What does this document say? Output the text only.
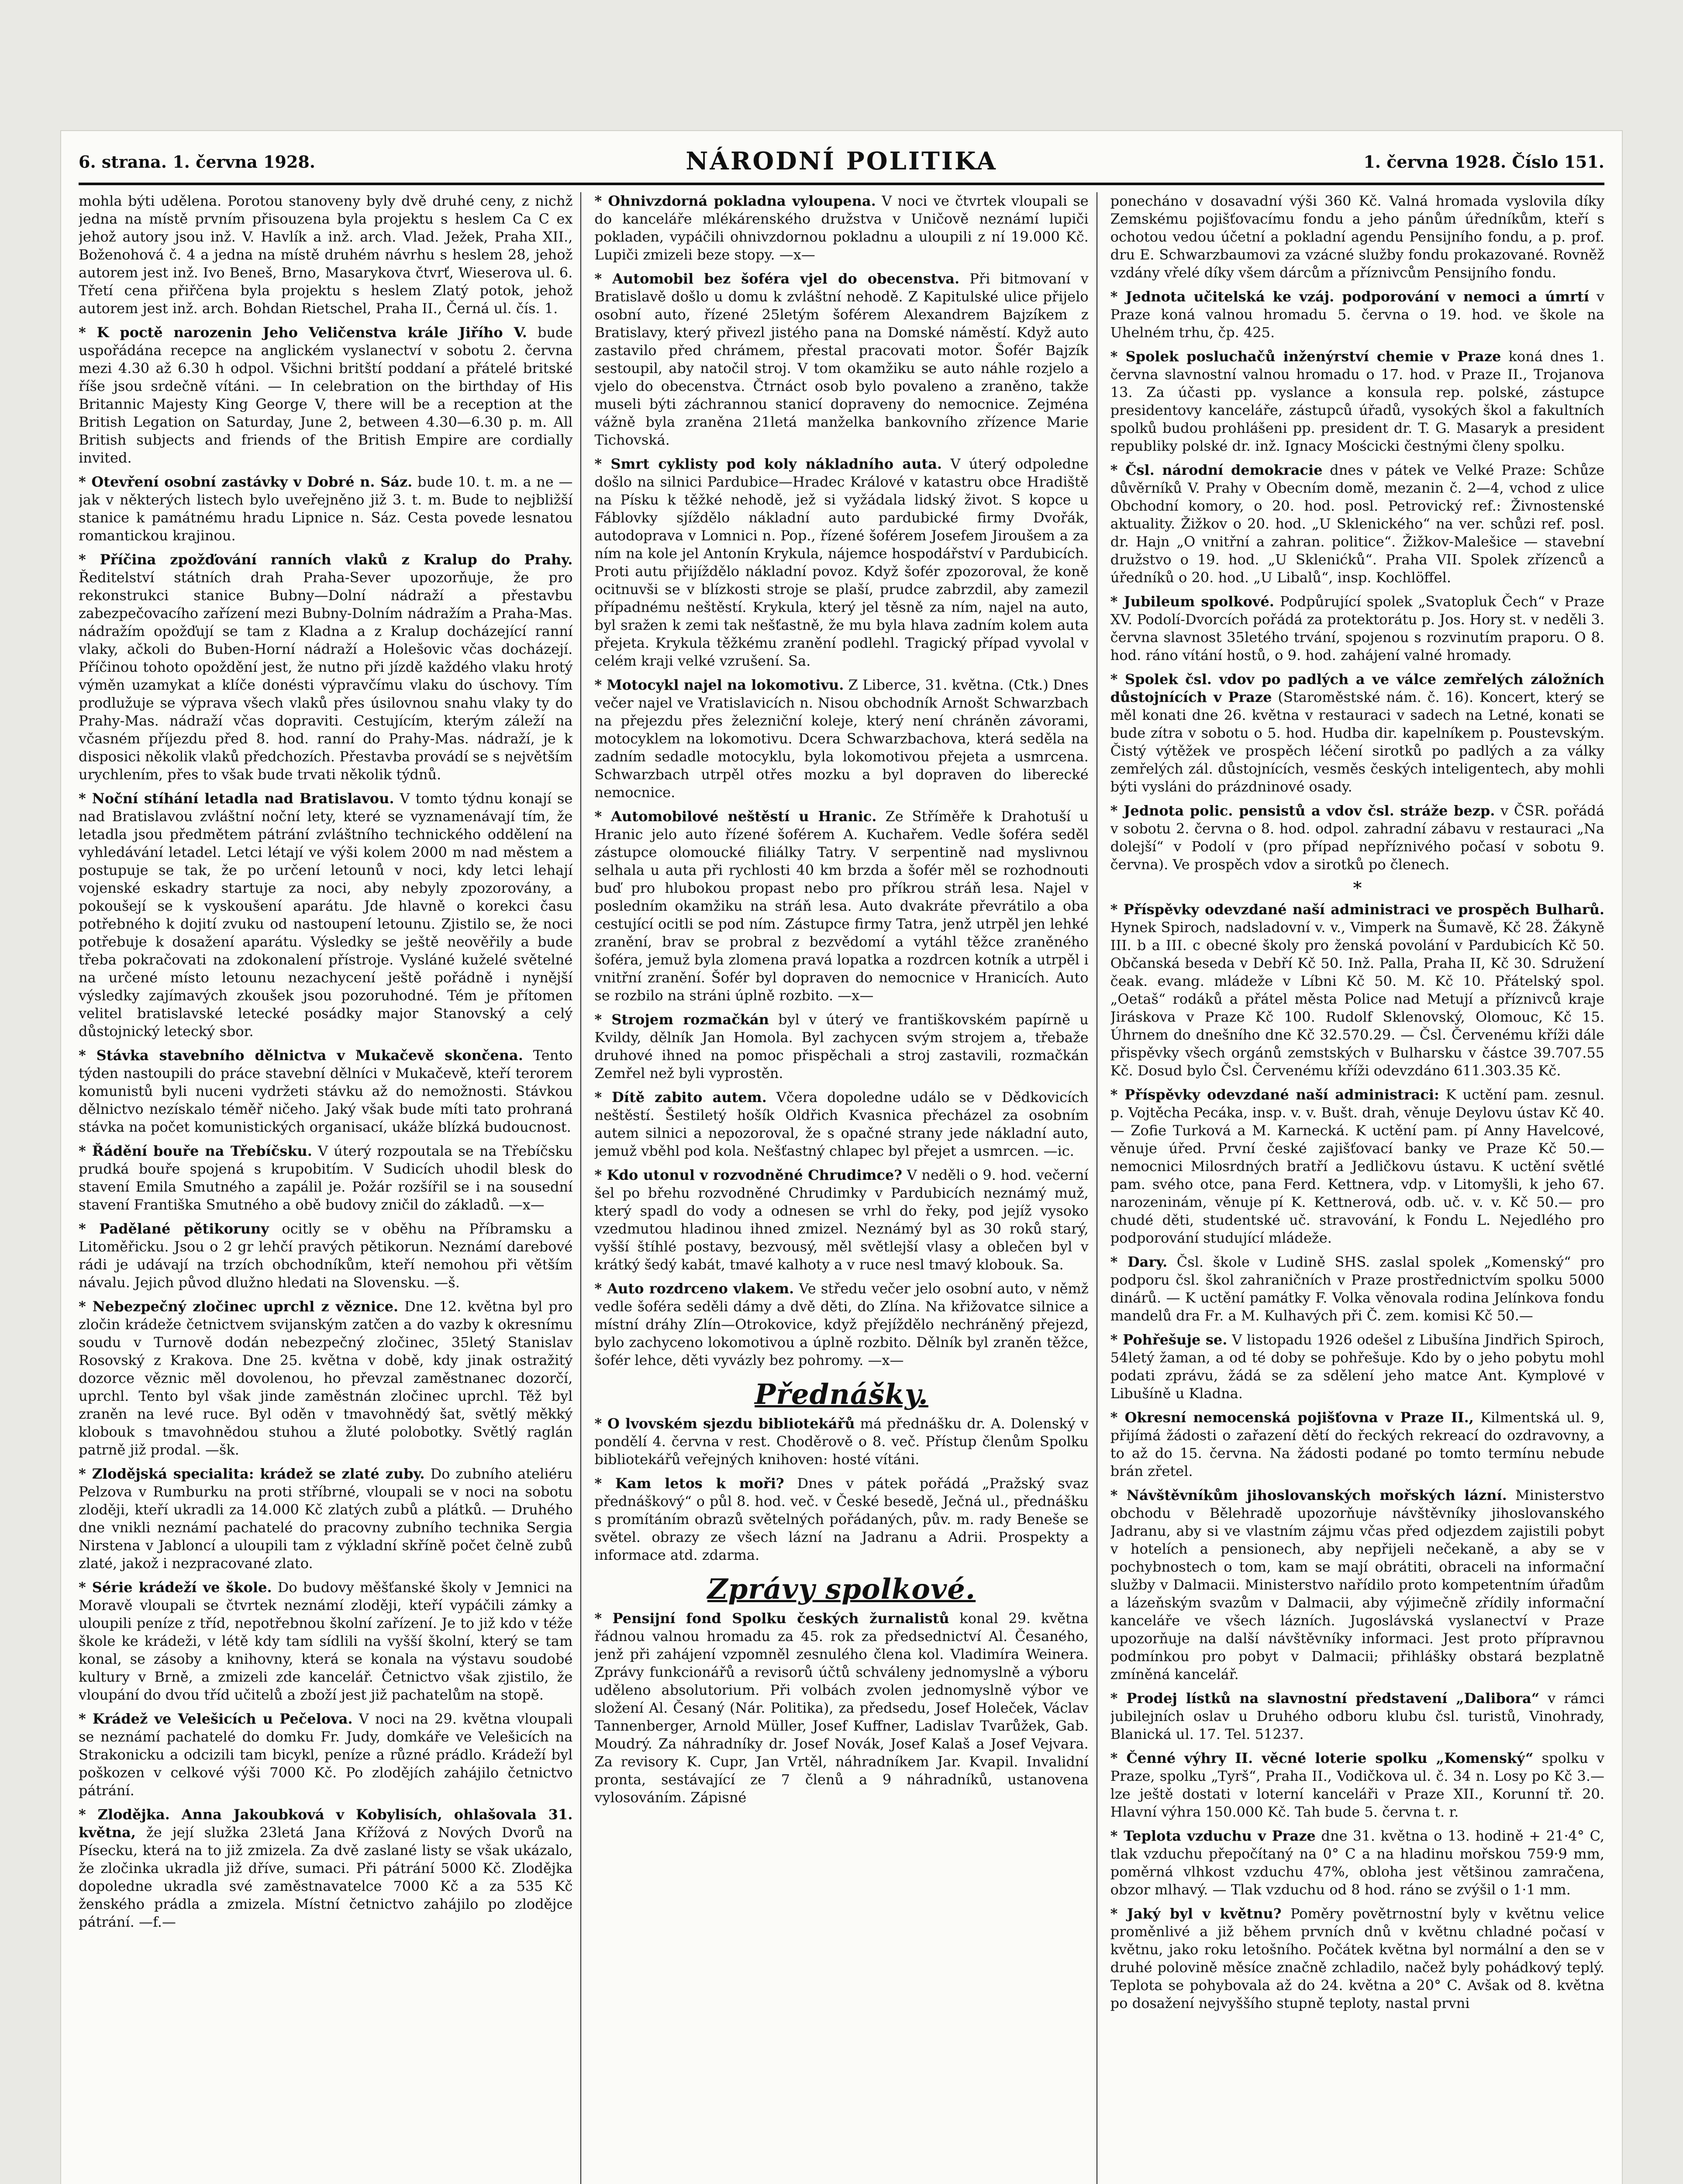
6. strana. 1. června 1928.	NÁRODNÍ POLITIKA	1. června 1928. Číslo 151.

mohla býti udělena. Porotou stanoveny byly dvě druhé ceny, z nichž jedna na místě prvním přisouzena byla projektu s heslem Ca C ex jehož autory jsou inž. V. Havlík a inž. arch. Vlad. Ježek, Praha XII., Boženohová č. 4 a jedna na místě druhém návrhu s heslem 28, jehož autorem jest inž. Ivo Beneš, Brno, Masarykova čtvrť, Wieserova ul. 6. Třetí cena přiřčena byla projektu s heslem Zlatý potok, jehož autorem jest inž. arch. Bohdan Rietschel, Praha II., Černá ul. čís. 1.

* K poctě narozenin Jeho Veličenstva krále Jiřího V. bude uspořádána recepce na anglickém vyslanectví v sobotu 2. června mezi 4.30 až 6.30 h odpol. Všichni britští poddaní a přátelé britské říše jsou srdečně vítáni. — In celebration on the birthday of His Britannic Majesty King George V, there will be a reception at the British Legation on Saturday, June 2, between 4.30—6.30 p. m. All British subjects and friends of the British Empire are cordially invited.

* Otevření osobní zastávky v Dobré n. Sáz. bude 10. t. m. a ne — jak v některých listech bylo uveřejněno již 3. t. m. Bude to nejbližší stanice k památnému hradu Lipnice n. Sáz. Cesta povede lesnatou romantickou krajinou.

* Příčina zpožďování ranních vlaků z Kralup do Prahy. Ředitelství státních drah Praha-Sever upozorňuje, že pro rekonstrukci stanice Bubny—Dolní nádraží a přestavbu zabezpečovacího zařízení mezi Bubny-Dolním nádražím a Praha-Mas. nádražím opožďují se tam z Kladna a z Kralup docházející ranní vlaky, ačkoli do Buben-Horní nádraží a Holešovic včas docházejí. Příčinou tohoto opoždění jest, že nutno při jízdě každého vlaku hrotý výměn uzamykat a klíče donésti výpravčímu vlaku do úschovy. Tím prodlužuje se výprava všech vlaků přes úsilovnou snahu vlaky ty do Prahy-Mas. nádraží včas dopraviti. Cestujícím, kterým záleží na včasném příjezdu před 8. hod. ranní do Prahy-Mas. nádraží, je k disposici několik vlaků předchozích. Přestavba provádí se s největším urychlením, přes to však bude trvati několik týdnů.

* Noční stíhání letadla nad Bratislavou. V tomto týdnu konají se nad Bratislavou zvláštní noční lety, které se vyznamenávají tím, že letadla jsou předmětem pátrání zvláštního technického oddělení na vyhledávání letadel. Letci létají ve výši kolem 2000 m nad městem a postupuje se tak, že po určení letounů v noci, kdy letci lehají vojenské eskadry startuje za noci, aby nebyly zpozorovány, a pokoušejí se k vyskoušení aparátu. Jde hlavně o korekci času potřebného k dojití zvuku od nastoupení letounu. Zjistilo se, že noci potřebuje k dosažení aparátu. Výsledky se ještě neověřily a bude třeba pokračovati na zdokonalení přístroje. Vysláné kuželé světelné na určené místo letounu nezachycení ještě pořádně i nynější výsledky zajímavých zkoušek jsou pozoruhodné. Tém je přítomen velitel bratislavské letecké posádky major Stanovský a celý důstojnický letecký sbor.

* Stávka stavebního dělnictva v Mukačevě skončena. Tento týden nastoupili do práce stavební dělníci v Mukačevě, kteří terorem komunistů byli nuceni vydržeti stávku až do nemožnosti. Stávkou dělnictvo nezískalo téměř ničeho. Jaký však bude míti tato prohraná stávka na počet komunistických organisací, ukáže blízká budoucnost.

* Řádění bouře na Třebíčsku. V úterý rozpoutala se na Třebíčsku prudká bouře spojená s krupobitím. V Sudicích uhodil blesk do stavení Emila Smutného a zapálil je. Požár rozšířil se i na sousední stavení Františka Smutného a obě budovy zničil do základů. —x—

* Padělané pětikoruny ocitly se v oběhu na Příbramsku a Litoměřicku. Jsou o 2 gr lehčí pravých pětikorun. Neznámí darebové rádi je udávají na trzích obchodníkům, kteří nemohou při větším návalu. Jejich původ dlužno hledati na Slovensku. —š.

* Nebezpečný zločinec uprchl z věznice. Dne 12. května byl pro zločin krádeže četnictvem svijanským zatčen a do vazby k okresnímu soudu v Turnově dodán nebezpečný zločinec, 35letý Stanislav Rosovský z Krakova. Dne 25. května v době, kdy jinak ostražitý dozorce věznic měl dovolenou, ho převzal zaměstnanec dozorčí, uprchl. Tento byl však jinde zaměstnán zločinec uprchl. Těž byl zraněn na levé ruce. Byl oděn v tmavohnědý šat, světlý měkký klobouk s tmavohnědou stuhou a žluté polobotky. Světlý raglán patrně již prodal. —šk.

* Zlodějská specialita: krádež se zlaté zuby. Do zubního ateliéru Pelzova v Rumburku na proti stříbrné, vloupali se v noci na sobotu zloději, kteří ukradli za 14.000 Kč zlatých zubů a plátků. — Druhého dne vnikli neznámí pachatelé do pracovny zubního technika Sergia Nirstena v Jabloncí a uloupili tam z výkladní skříně počet čelně zubů zlaté, jakož i nezpracované zlato.

* Série krádeží ve škole. Do budovy měšťanské školy v Jemnici na Moravě vloupali se čtvrtek neznámí zloději, kteří vypáčili zámky a uloupili peníze z tříd, nepotřebnou školní zařízení. Je to již kdo v téže škole ke krádeži, v létě kdy tam sídlili na vyšší školní, který se tam konal, se zásoby a knihovny, která se konala na výstavu soudobé kultury v Brně, a zmizeli zde kancelář. Četnictvo však zjistilo, že vloupání do dvou tříd učitelů a zboží jest již pachatelům na stopě.

* Krádež ve Velešicích u Pečelova. V noci na 29. května vloupali se neznámí pachatelé do domku Fr. Judy, domkáře ve Velešicích na Strakonicku a odcizili tam bicykl, peníze a různé prádlo. Krádeží byl poškozen v celkové výši 7000 Kč. Po zlodějích zahájilo četnictvo pátrání.

* Zlodějka. Anna Jakoubková v Kobylisích, ohlašovala 31. května, že její služka 23letá Jana Křížová z Nových Dvorů na Písecku, která na to již zmizela. Za dvě zaslané listy se však ukázalo, že zločinka ukradla již dříve, sumaci. Při pátrání 5000 Kč. Zlodějka dopoledne ukradla své zaměstnavatelce 7000 Kč a za 535 Kč ženského prádla a zmizela. Místní četnictvo zahájilo po zlodějce pátrání. —f.—

* Ohnivzdorná pokladna vyloupena. V noci ve čtvrtek vloupali se do kanceláře mlékárenského družstva v Uničově neznámí lupiči pokladen, vypáčili ohnivzdornou pokladnu a uloupili z ní 19.000 Kč. Lupiči zmizeli beze stopy. —x—

* Automobil bez šoféra vjel do obecenstva. Při bitmovaní v Bratislavě došlo u domu k zvláštní nehodě. Z Kapitulské ulice přijelo osobní auto, řízené 25letým šoférem Alexandrem Bajzíkem z Bratislavy, který přivezl jistého pana na Domské náměstí. Když auto zastavilo před chrámem, přestal pracovati motor. Šofér Bajzík sestoupil, aby natočil stroj. V tom okamžiku se auto náhle rozjelo a vjelo do obecenstva. Čtrnáct osob bylo povaleno a zraněno, takže museli býti záchrannou stanicí dopraveny do nemocnice. Zejména vážně byla zraněna 21letá manželka bankovního zřízence Marie Tichovská.

* Smrt cyklisty pod koly nákladního auta. V úterý odpoledne došlo na silnici Pardubice—Hradec Králové v katastru obce Hradiště na Písku k těžké nehodě, jež si vyžádala lidský život. S kopce u Fáblovky sjíždělo nákladní auto pardubické firmy Dvořák, autodoprava v Lomnici n. Pop., řízené šoférem Josefem Jiroušem a za ním na kole jel Antonín Krykula, nájemce hospodářství v Pardubicích. Proti autu přijíždělo nákladní povoz. Když šofér zpozoroval, že koně ocitnuvši se v blízkosti stroje se plaší, prudce zabrzdil, aby zamezil případnému neštěstí. Krykula, který jel těsně za ním, najel na auto, byl sražen k zemi tak nešťastně, že mu byla hlava zadním kolem auta přejeta. Krykula těžkému zranění podlehl. Tragický případ vyvolal v celém kraji velké vzrušení. Sa.

* Motocykl najel na lokomotivu. Z Liberce, 31. května. (Ctk.) Dnes večer najel ve Vratislavicích n. Nisou obchodník Arnošt Schwarzbach na přejezdu přes železniční koleje, který není chráněn závorami, motocyklem na lokomotivu. Dcera Schwarzbachova, která seděla na zadním sedadle motocyklu, byla lokomotivou přejeta a usmrcena. Schwarzbach utrpěl otřes mozku a byl dopraven do liberecké nemocnice.

* Automobilové neštěstí u Hranic. Ze Stříměře k Drahotuší u Hranic jelo auto řízené šoférem A. Kuchařem. Vedle šoféra seděl zástupce olomoucké filiálky Tatry. V serpentině nad myslivnou selhala u auta při rychlosti 40 km brzda a šofér měl se rozhodnouti buď pro hlubokou propast nebo pro příkrou stráň lesa. Najel v posledním okamžiku na stráň lesa. Auto dvakráte převrátilo a oba cestující ocitli se pod ním. Zástupce firmy Tatra, jenž utrpěl jen lehké zranění, brav se probral z bezvědomí a vytáhl těžce zraněného šoféra, jemuž byla zlomena pravá lopatka a rozdrcen kotník a utrpěl i vnitřní zranění. Šofér byl dopraven do nemocnice v Hranicích. Auto se rozbilo na stráni úplně rozbito. —x—

* Strojem rozmačkán byl v úterý ve františkovském papírně u Kvildy, dělník Jan Homola. Byl zachycen svým strojem a, třebaže druhové ihned na pomoc přispěchali a stroj zastavili, rozmačkán Zemřel než byli vyprostěn.

* Dítě zabito autem. Včera dopoledne událo se v Dědkovicích neštěstí. Šestiletý hošík Oldřich Kvasnica přecházel za osobním autem silnici a nepozoroval, že s opačné strany jede nákladní auto, jemuž vběhl pod kola. Nešťastný chlapec byl přejet a usmrcen. —ic.

* Kdo utonul v rozvodněné Chrudimce? V neděli o 9. hod. večerní šel po břehu rozvodněné Chrudimky v Pardubicích neznámý muž, který spadl do vody a odnesen se vrhl do řeky, pod jejíž vysoko vzedmutou hladinou ihned zmizel. Neznámý byl as 30 roků starý, vyšší štíhlé postavy, bezvousý, měl světlejší vlasy a oblečen byl v krátký šedý kabát, tmavé kalhoty a v ruce nesl tmavý klobouk. Sa.

* Auto rozdrceno vlakem. Ve středu večer jelo osobní auto, v němž vedle šoféra seděli dámy a dvě děti, do Zlína. Na křižovatce silnice a místní dráhy Zlín—Otrokovice, když přejíždělo nechráněný přejezd, bylo zachyceno lokomotivou a úplně rozbito. Dělník byl zraněn těžce, šofér lehce, děti vyvázly bez pohromy. —x—

Přednášky.

* O lvovském sjezdu bibliotekářů má přednášku dr. A. Dolenský v pondělí 4. června v rest. Choděrově o 8. več. Přístup členům Spolku bibliotekářů veřejných knihoven: hosté vítáni.

* Kam letos k moři? Dnes v pátek pořádá „Pražský svaz přednáškový“ o půl 8. hod. več. v České besedě, Ječná ul., přednášku s promítáním obrazů světelných pořádaných, pův. m. rady Beneše se světel. obrazy ze všech lázní na Jadranu a Adrii. Prospekty a informace atd. zdarma.

Zprávy spolkové.

* Pensijní fond Spolku českých žurnalistů konal 29. května řádnou valnou hromadu za 45. rok za předsednictví Al. Česaného, jenž při zahájení vzpomněl zesnulého člena kol. Vladimíra Weinera. Zprávy funkcionářů a revisorů účtů schváleny jednomyslně a výboru uděleno absolutorium. Při volbách zvolen jednomyslně výbor ve složení Al. Česaný (Nár. Politika), za předsedu, Josef Holeček, Václav Tannenberger, Arnold Müller, Josef Kuffner, Ladislav Tvarůžek, Gab. Moudrý. Za náhradníky dr. Josef Novák, Josef Kalaš a Josef Vejvara. Za revisory K. Cupr, Jan Vrtěl, náhradníkem Jar. Kvapil. Invalidní pronta, sestávající ze 7 členů a 9 náhradníků, ustanovena vylosováním. Zápisné

ponecháno v dosavadní výši 360 Kč. Valná hromada vyslovila díky Zemskému pojišťovacímu fondu a jeho pánům úředníkům, kteří s ochotou vedou účetní a pokladní agendu Pensijního fondu, a p. prof. dru E. Schwarzbaumovi za vzácné služby fondu prokazované. Rovněž vzdány vřelé díky všem dárcům a příznivcům Pensijního fondu.

* Jednota učitelská ke vzáj. podporování v nemoci a úmrtí v Praze koná valnou hromadu 5. června o 19. hod. ve škole na Uhelném trhu, čp. 425.

* Spolek posluchačů inženýrství chemie v Praze koná dnes 1. června slavnostní valnou hromadu o 17. hod. v Praze II., Trojanova 13. Za účasti pp. vyslance a konsula rep. polské, zástupce presidentovy kanceláře, zástupců úřadů, vysokých škol a fakultních spolků budou prohlášeni pp. president dr. T. G. Masaryk a president republiky polské dr. inž. Ignacy Mościcki čestnými členy spolku.

* Čsl. národní demokracie dnes v pátek ve Velké Praze: Schůze důvěrníků V. Prahy v Obecním domě, mezanin č. 2—4, vchod z ulice Obchodní komory, o 20. hod. posl. Petrovický ref.: Živnostenské aktuality. Žižkov o 20. hod. „U Sklenického“ na ver. schůzi ref. posl. dr. Hajn „O vnitřní a zahran. politice“. Žižkov-Malešice — stavební družstvo o 19. hod. „U Sklenićků“. Praha VII. Spolek zřízenců a úředníků o 20. hod. „U Libalů“, insp. Kochlöffel.

* Jubileum spolkové. Podpůrující spolek „Svatopluk Čech“ v Praze XV. Podolí-Dvorcích pořádá za protektorátu p. Jos. Hory st. v neděli 3. června slavnost 35letého trvání, spojenou s rozvinutím praporu. O 8. hod. ráno vítání hostů, o 9. hod. zahájení valné hromady.

* Spolek čsl. vdov po padlých a ve válce zemřelých záložních důstojnících v Praze (Staroměstské nám. č. 16). Koncert, který se měl konati dne 26. května v restauraci v sadech na Letné, konati se bude zítra v sobotu o 5. hod. Hudba dir. kapelníkem p. Poustevským. Čistý výtěžek ve prospěch léčení sirotků po padlých a za války zemřelých zál. důstojnících, vesměs českých inteligentech, aby mohli býti vysláni do prázdninové osady.

* Jednota polic. pensistů a vdov čsl. stráže bezp. v ČSR. pořádá v sobotu 2. června o 8. hod. odpol. zahradní zábavu v restauraci „Na dolejší“ v Podolí v (pro případ nepříznivého počasí v sobotu 9. června). Ve prospěch vdov a sirotků po členech.

*

* Příspěvky odevzdané naší administraci ve prospěch Bulharů. Hynek Spiroch, nadsladovní v. v., Vimperk na Šumavě, Kč 28. Žákyně III. b a III. c obecné školy pro ženská povolání v Pardubicích Kč 50. Občanská beseda v Debří Kč 50. Inž. Palla, Praha II, Kč 30. Sdružení čeak. evang. mládeže v Líbni Kč 50. M. Kč 10. Přátelský spol. „Oetaš“ rodáků a přátel města Police nad Metují a příznivců kraje Jiráskova v Praze Kč 100. Rudolf Sklenovský, Olomouc, Kč 15. Úhrnem do dnešního dne Kč 32.570.29. — Čsl. Červenému kříži dále přispěvky všech orgánů zemstských v Bulharsku v částce 39.707.55 Kč. Dosud bylo Čsl. Červenému kříži odevzdáno 611.303.35 Kč.

* Příspěvky odevzdané naší administraci: K uctění pam. zesnul. p. Vojtěcha Pecáka, insp. v. v. Bušt. drah, věnuje Deylovu ústav Kč 40.— Zofie Turková a M. Karnecká. K uctění pam. pí Anny Havelcové, věnuje úřed. První české zajišťovací banky ve Praze Kč 50.— nemocnici Milosrdných bratří a Jedličkovu ústavu. K uctění světlé pam. svého otce, pana Ferd. Kettnera, vdp. v Litomyšli, k jeho 67. narozeninám, věnuje pí K. Kettnerová, odb. uč. v. v. Kč 50.— pro chudé děti, studentské uč. stravování, k Fondu L. Nejedlého pro podporování studující mládeže.

* Dary. Čsl. škole v Ludině SHS. zaslal spolek „Komenský“ pro podporu čsl. škol zahraničních v Praze prostřednictvím spolku 5000 dinárů. — K uctění památky F. Volka věnovala rodina Jelínkova fondu mandelů dra Fr. a M. Kulhavých při Č. zem. komisi Kč 50.—

* Pohřešuje se. V listopadu 1926 odešel z Libušína Jindřich Spiroch, 54letý žaman, a od té doby se pohřešuje. Kdo by o jeho pobytu mohl podati zprávu, žádá se za sdělení jeho matce Ant. Kymplové v Libušíně u Kladna.

* Okresní nemocenská pojišťovna v Praze II., Kilmentská ul. 9, přijímá žádosti o zařazení dětí do řeckých rekreací do ozdravovny, a to až do 15. června. Na žádosti podané po tomto termínu nebude brán zřetel.

* Návštěvníkům jihoslovanských mořských lázní. Ministerstvo obchodu v Bělehradě upozorňuje návštěvníky jihoslovanského Jadranu, aby si ve vlastním zájmu včas před odjezdem zajistili pobyt v hotelích a pensionech, aby nepřijeli nečekaně, a aby se v pochybnostech o tom, kam se mají obrátiti, obraceli na informační služby v Dalmacii. Ministerstvo nařídilo proto kompetentním úřadům a lázeňským svazům v Dalmacii, aby výjimečně zřídily informační kanceláře ve všech lázních. Jugoslávská vyslanectví v Praze upozorňuje na další návštěvníky informaci. Jest proto přípravnou podmínkou pro pobyt v Dalmacii; přihlášky obstará bezplatně zmíněná kancelář.

* Prodej lístků na slavnostní představení „Dalibora“ v rámci jubilejních oslav u Druhého odboru klubu čsl. turistů, Vinohrady, Blanická ul. 17. Tel. 51237.

* Čenné výhry II. věcné loterie spolku „Komenský“ spolku v Praze, spolku „Tyrš“, Praha II., Vodičkova ul. č. 34 n. Losy po Kč 3.— lze ještě dostati v loterní kanceláři v Praze XII., Korunní tř. 20. Hlavní výhra 150.000 Kč. Tah bude 5. června t. r.

* Teplota vzduchu v Praze dne 31. května o 13. hodině + 21·4° C, tlak vzduchu přepočítaný na 0° C a na hladinu mořskou 759·9 mm, poměrná vlhkost vzduchu 47%, obloha jest většinou zamračena, obzor mlhavý. — Tlak vzduchu od 8 hod. ráno se zvýšil o 1·1 mm.

* Jaký byl v květnu? Poměry povětrnostní byly v květnu velice proměnlivé a již během prvních dnů v květnu chladné počasí v květnu, jako roku letošního. Počátek května byl normální a den se v druhé polovině měsíce značně zchladilo, načež byly pohádkový teplý. Teplota se pohybovala až do 24. května a 20° C. Avšak od 8. května po dosažení nejvyššího stupně teploty, nastal prvni
